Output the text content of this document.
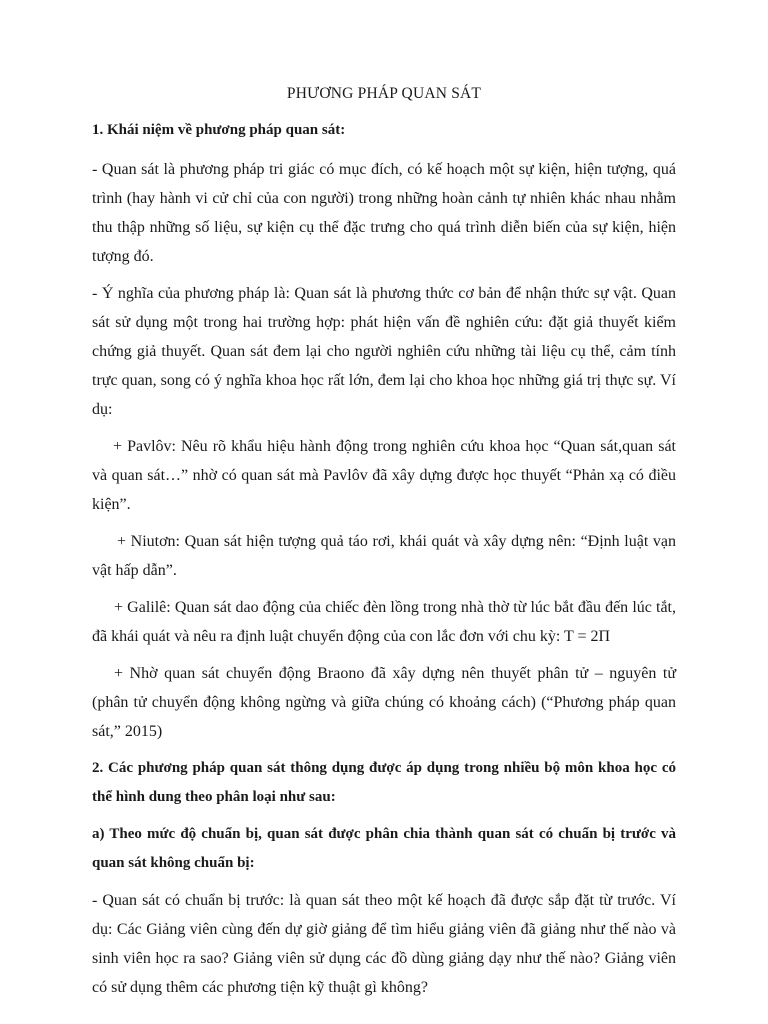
PHƯƠNG PHÁP QUAN SÁT
1. Khái niệm về phương pháp quan sát:

- Quan sát là phương pháp tri giác có mục đích, có kế hoạch một sự kiện, hiện tượng, quá trình (hay hành vi cử chỉ của con người) trong những hoàn cảnh tự nhiên khác nhau nhằm thu thập những số liệu, sự kiện cụ thể đặc trưng cho quá trình diễn biến của sự kiện, hiện tượng đó.

- Ý nghĩa của phương pháp là: Quan sát là phương thức cơ bản để nhận thức sự vật. Quan sát sử dụng một trong hai trường hợp: phát hiện vấn đề nghiên cứu: đặt giả thuyết kiểm chứng giả thuyết. Quan sát đem lại cho người nghiên cứu những tài liệu cụ thể, cảm tính trực quan, song có ý nghĩa khoa học rất lớn, đem lại cho khoa học những giá trị thực sự. Ví dụ:

+ Pavlôv: Nêu rõ khẩu hiệu hành động trong nghiên cứu khoa học “Quan sát,quan sát và quan sát…” nhờ có quan sát mà Pavlôv đã xây dựng được học thuyết “Phản xạ có điều kiện”.

+ Niutơn: Quan sát hiện tượng quả táo rơi, khái quát và xây dựng nên: “Định luật vạn vật hấp dẫn”.

+ Galilê: Quan sát dao động của chiếc đèn lồng trong nhà thờ từ lúc bắt đầu đến lúc tắt, đã khái quát và nêu ra định luật chuyển động của con lắc đơn với chu kỳ: T = 2Π

+ Nhờ quan sát chuyển động Braono đã xây dựng nên thuyết phân tử – nguyên tử (phân tử chuyển động không ngừng và giữa chúng có khoảng cách) (“Phương pháp quan sát,” 2015)

2. Các phương pháp quan sát thông dụng được áp dụng trong nhiều bộ môn khoa học có thể hình dung theo phân loại như sau:
a) Theo mức độ chuẩn bị, quan sát được phân chia thành quan sát có chuẩn bị trước và quan sát không chuẩn bị:

- Quan sát có chuẩn bị trước: là quan sát theo một kế hoạch đã được sắp đặt từ trước. Ví dụ: Các Giảng viên cùng đến dự giờ giảng để tìm hiểu giảng viên đã giảng như thế nào và sinh viên học ra sao? Giảng viên sử dụng các đồ dùng giảng dạy như thế nào? Giảng viên có sử dụng thêm các phương tiện kỹ thuật gì không?
